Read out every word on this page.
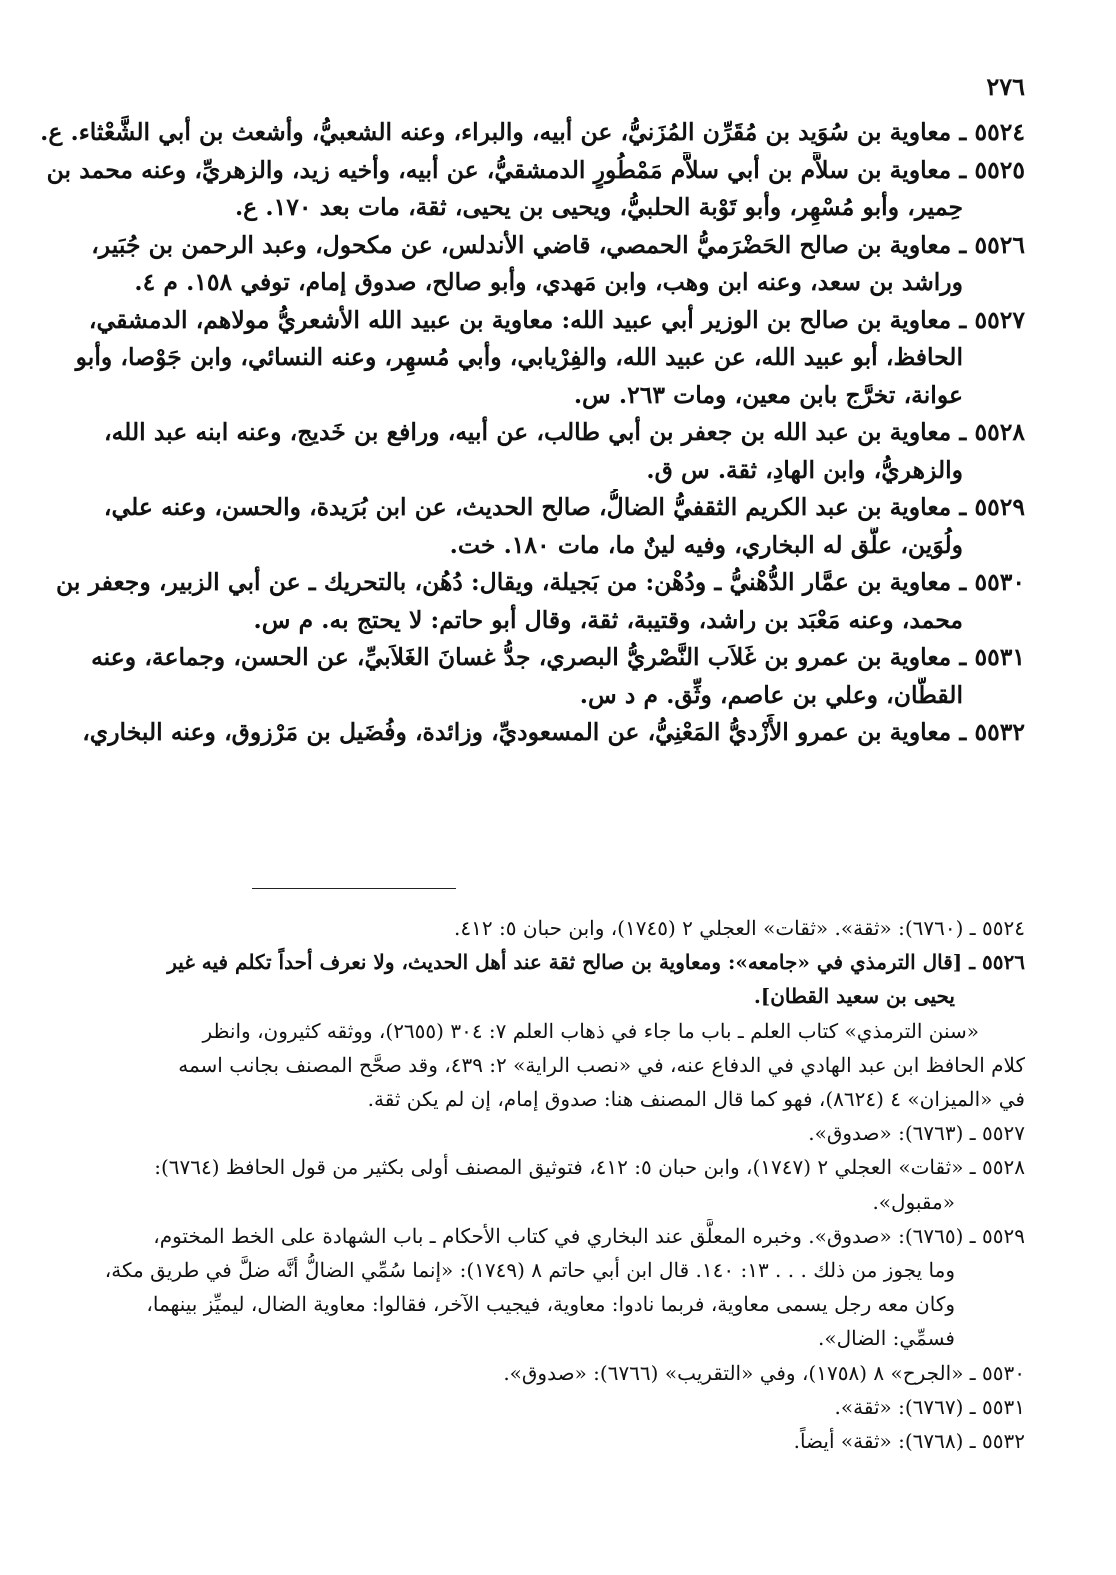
٢٧٦
٥٥٢٤ ـ معاوية بن سُوَيد بن مُقَرِّن المُزَنيُّ، عن أبيه، والبراء، وعنه الشعبيُّ، وأشعث بن أبي الشَّعْثاء. ع.
٥٥٢٥ ـ معاوية بن سلاَّم بن أبي سلاَّم مَمْطُورٍ الدمشقيُّ، عن أبيه، وأخيه زيد، والزهريِّ، وعنه محمد بن
حِمير، وأبو مُسْهِر، وأبو تَوْبة الحلبيُّ، ويحيى بن يحيى، ثقة، مات بعد ١٧٠. ع.
٥٥٢٦ ـ معاوية بن صالح الحَضْرَميُّ الحمصي، قاضي الأندلس، عن مكحول، وعبد الرحمن بن جُبَير،
وراشد بن سعد، وعنه ابن وهب، وابن مَهدي، وأبو صالح، صدوق إمام، توفي ١٥٨. م ٤.
٥٥٢٧ ـ معاوية بن صالح بن الوزير أبي عبيد الله: معاوية بن عبيد الله الأشعريُّ مولاهم، الدمشقي،
الحافظ، أبو عبيد الله، عن عبيد الله، والفِرْيابي، وأبي مُسهِر، وعنه النسائي، وابن جَوْصا، وأبو
عوانة، تخرَّج بابن معين، ومات ٢٦٣. س.
٥٥٢٨ ـ معاوية بن عبد الله بن جعفر بن أبي طالب، عن أبيه، ورافع بن خَديج، وعنه ابنه عبد الله،
والزهريُّ، وابن الهادِ، ثقة. س ق.
٥٥٢٩ ـ معاوية بن عبد الكريم الثقفيُّ الضالُّ، صالح الحديث، عن ابن بُرَيدة، والحسن، وعنه علي،
ولُوَين، علَّق له البخاري، وفيه لينٌ ما، مات ١٨٠. خت.
٥٥٣٠ ـ معاوية بن عمَّار الدُّهْنيُّ ـ ودُهْن: من بَجيلة، ويقال: دُهُن، بالتحريك ـ عن أبي الزبير، وجعفر بن
محمد، وعنه مَعْبَد بن راشد، وقتيبة، ثقة، وقال أبو حاتم: لا يحتج به. م س.
٥٥٣١ ـ معاوية بن عمرو بن غَلاَب النَّصْريُّ البصري، جدُّ غسانَ الغَلاَبيِّ، عن الحسن، وجماعة، وعنه
القطَّان، وعلي بن عاصم، وثِّق. م د س.
٥٥٣٢ ـ معاوية بن عمرو الأَزْديُّ المَعْنِيُّ، عن المسعوديِّ، وزائدة، وفُضَيل بن مَرْزوق، وعنه البخاري،
٥٥٢٤ ـ (٦٧٦٠): «ثقة». «ثقات» العجلي ٢ (١٧٤٥)، وابن حبان ٥: ٤١٢.
٥٥٢٦ ـ [قال الترمذي في «جامعه»: ومعاوية بن صالح ثقة عند أهل الحديث، ولا نعرف أحداً تكلم فيه غير
يحيى بن سعيد القطان].
«سنن الترمذي» كتاب العلم ـ باب ما جاء في ذهاب العلم ٧: ٣٠٤ (٢٦٥٥)، ووثقه كثيرون، وانظر
كلام الحافظ ابن عبد الهادي في الدفاع عنه، في «نصب الراية» ٢: ٤٣٩، وقد صحَّح المصنف بجانب اسمه
في «الميزان» ٤ (٨٦٢٤)، فهو كما قال المصنف هنا: صدوق إمام، إن لم يكن ثقة.
٥٥٢٧ ـ (٦٧٦٣): «صدوق».
٥٥٢٨ ـ «ثقات» العجلي ٢ (١٧٤٧)، وابن حبان ٥: ٤١٢، فتوثيق المصنف أولى بكثير من قول الحافظ (٦٧٦٤):
«مقبول».
٥٥٢٩ ـ (٦٧٦٥): «صدوق». وخبره المعلَّق عند البخاري في كتاب الأحكام ـ باب الشهادة على الخط المختوم،
وما يجوز من ذلك . . . ١٣: ١٤٠. قال ابن أبي حاتم ٨ (١٧٤٩): «إنما سُمِّي الضالُّ أنَّه ضلَّ في طريق مكة،
وكان معه رجل يسمى معاوية، فربما نادوا: معاوية، فيجيب الآخر، فقالوا: معاوية الضال، ليميِّز بينهما،
فسمِّي: الضال».
٥٥٣٠ ـ «الجرح» ٨ (١٧٥٨)، وفي «التقريب» (٦٧٦٦): «صدوق».
٥٥٣١ ـ (٦٧٦٧): «ثقة».
٥٥٣٢ ـ (٦٧٦٨): «ثقة» أيضاً.
